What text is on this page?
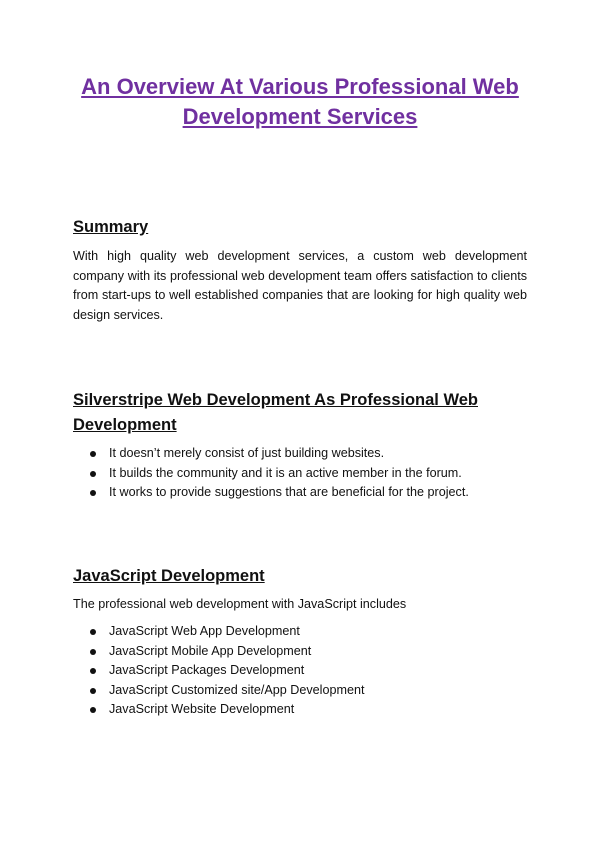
An Overview At Various Professional Web Development Services
Summary

With high quality web development services, a custom web development company with its professional web development team offers satisfaction to clients from start-ups to well established companies that are looking for high quality web design services.

Silverstripe Web Development As Professional Web Development
It doesn’t merely consist of just building websites.
It builds the community and it is an active member in the forum.
It works to provide suggestions that are beneficial for the project.
JavaScript Development

The professional web development with JavaScript includes

JavaScript Web App Development
JavaScript Mobile App Development
JavaScript Packages Development
JavaScript Customized site/App Development
JavaScript Website Development
